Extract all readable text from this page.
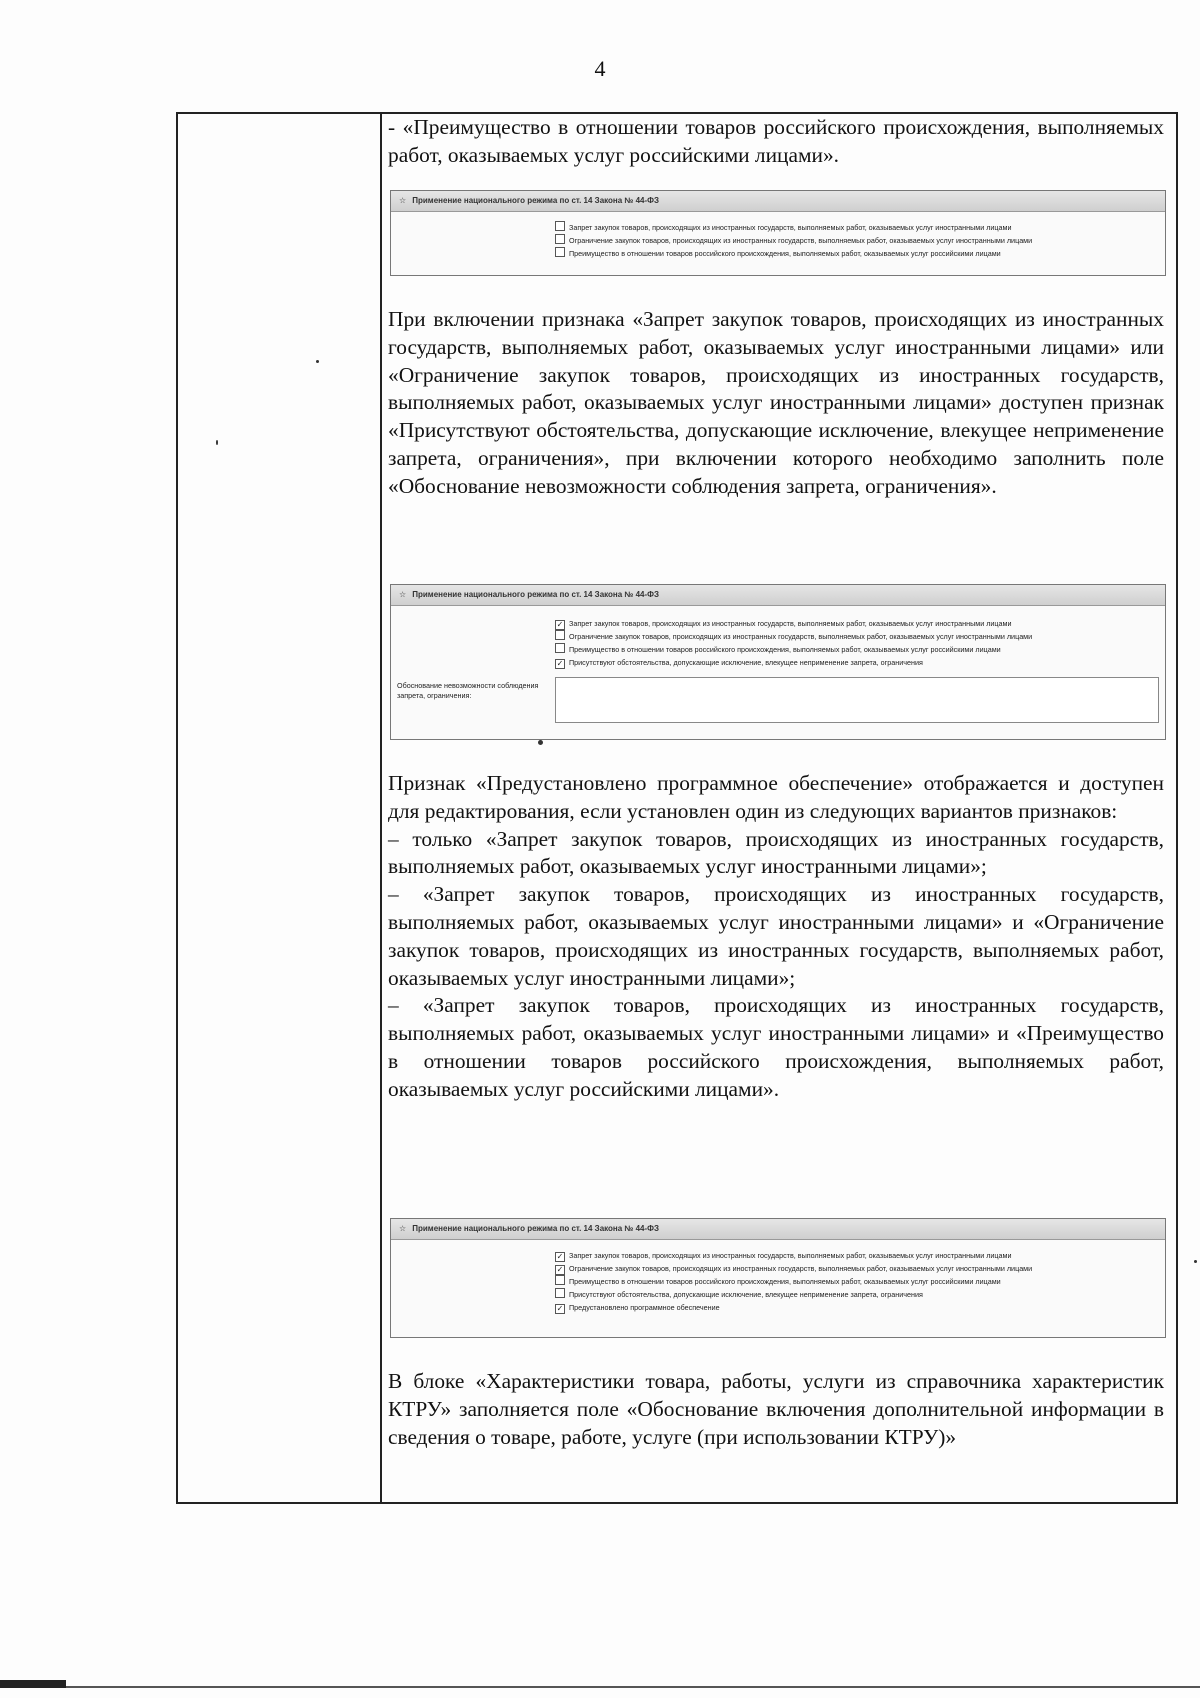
4

- «Преимущество в отношении товаров российского происхождения, выполняемых работ, оказываемых услуг российскими лицами».

☆ Применение национального режима по ст. 14 Закона № 44-ФЗ
Запрет закупок товаров, происходящих из иностранных государств, выполняемых работ, оказываемых услуг иностранными лицами
Ограничение закупок товаров, происходящих из иностранных государств, выполняемых работ, оказываемых услуг иностранными лицами
Преимущество в отношении товаров российского происхождения, выполняемых работ, оказываемых услуг российскими лицами

При включении признака «Запрет закупок товаров, происходящих из иностранных государств, выполняемых работ, оказываемых услуг иностранными лицами» или «Ограничение закупок товаров, происходящих из иностранных государств, выполняемых работ, оказываемых услуг иностранными лицами» доступен признак «Присутствуют обстоятельства, допускающие исключение, влекущее неприменение запрета, ограничения», при включении которого необходимо заполнить поле «Обоснование невозможности соблюдения запрета, ограничения».

☆ Применение национального режима по ст. 14 Закона № 44-ФЗ
✓ Запрет закупок товаров, происходящих из иностранных государств, выполняемых работ, оказываемых услуг иностранными лицами
Ограничение закупок товаров, происходящих из иностранных государств, выполняемых работ, оказываемых услуг иностранными лицами
Преимущество в отношении товаров российского происхождения, выполняемых работ, оказываемых услуг российскими лицами
✓ Присутствуют обстоятельства, допускающие исключение, влекущее неприменение запрета, ограничения
Обоснование невозможности соблюдения запрета, ограничения:

Признак «Предустановлено программное обеспечение» отображается и доступен для редактирования, если установлен один из следующих вариантов признаков:

– только «Запрет закупок товаров, происходящих из иностранных государств, выполняемых работ, оказываемых услуг иностранными лицами»;

– «Запрет закупок товаров, происходящих из иностранных государств, выполняемых работ, оказываемых услуг иностранными лицами» и «Ограничение закупок товаров, происходящих из иностранных государств, выполняемых работ, оказываемых услуг иностранными лицами»;

– «Запрет закупок товаров, происходящих из иностранных государств, выполняемых работ, оказываемых услуг иностранными лицами» и «Преимущество в отношении товаров российского происхождения, выполняемых работ, оказываемых услуг российскими лицами».

☆ Применение национального режима по ст. 14 Закона № 44-ФЗ
✓ Запрет закупок товаров, происходящих из иностранных государств, выполняемых работ, оказываемых услуг иностранными лицами
✓ Ограничение закупок товаров, происходящих из иностранных государств, выполняемых работ, оказываемых услуг иностранными лицами
Преимущество в отношении товаров российского происхождения, выполняемых работ, оказываемых услуг российскими лицами
Присутствуют обстоятельства, допускающие исключение, влекущее неприменение запрета, ограничения
✓ Предустановлено программное обеспечение

В блоке «Характеристики товара, работы, услуги из справочника характеристик КТРУ» заполняется поле «Обоснование включения дополнительной информации в сведения о товаре, работе, услуге (при использовании КТРУ)»
